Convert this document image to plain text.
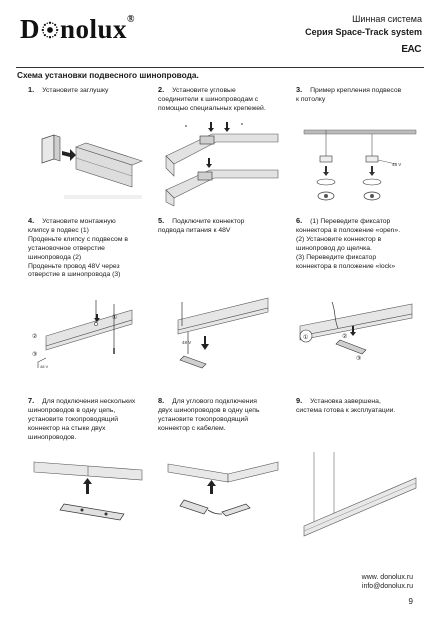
D nolux®	Шинная система
Серия Space-Track system
EAC
Схема установки подвесного шинопровода.
1. Установите заглушку	2. Установите угловые
соединители к шинопроводам с
помощью специальных крепежей.
3. Пример крепления подвесов
к потолку
4. Установите монтажную
клипсу в подвес (1)
Проденьте клипсу с подвесом в
установочное отверстие
шинопровода (2)
Проденьте провод 48V через
отверстие в шинопровода (3)
5. Подключите коннектор
подвода питания к 48V
6. (1) Переведите фиксатор
коннектора в положение «open».
(2) Установите коннектор в
шинопровод до щелчка.
(3) Переведите фиксатор
коннектора в положение «lock»
7. Для подключения нескольких
шинопроводов в одну цепь,
установите токопроводящий
коннектор на стыке двух
шинопроводов.
8. Для углового подключения
двух шинопроводов в одну цепь
установите токопроводящий
коннектор с кабелем.
9. Установка завершена,
система готова к эксплуатации.
48 V
①
②
③
48 V
48 V
①	②
③
www. donolux.ru
info@donolux.ru
9
